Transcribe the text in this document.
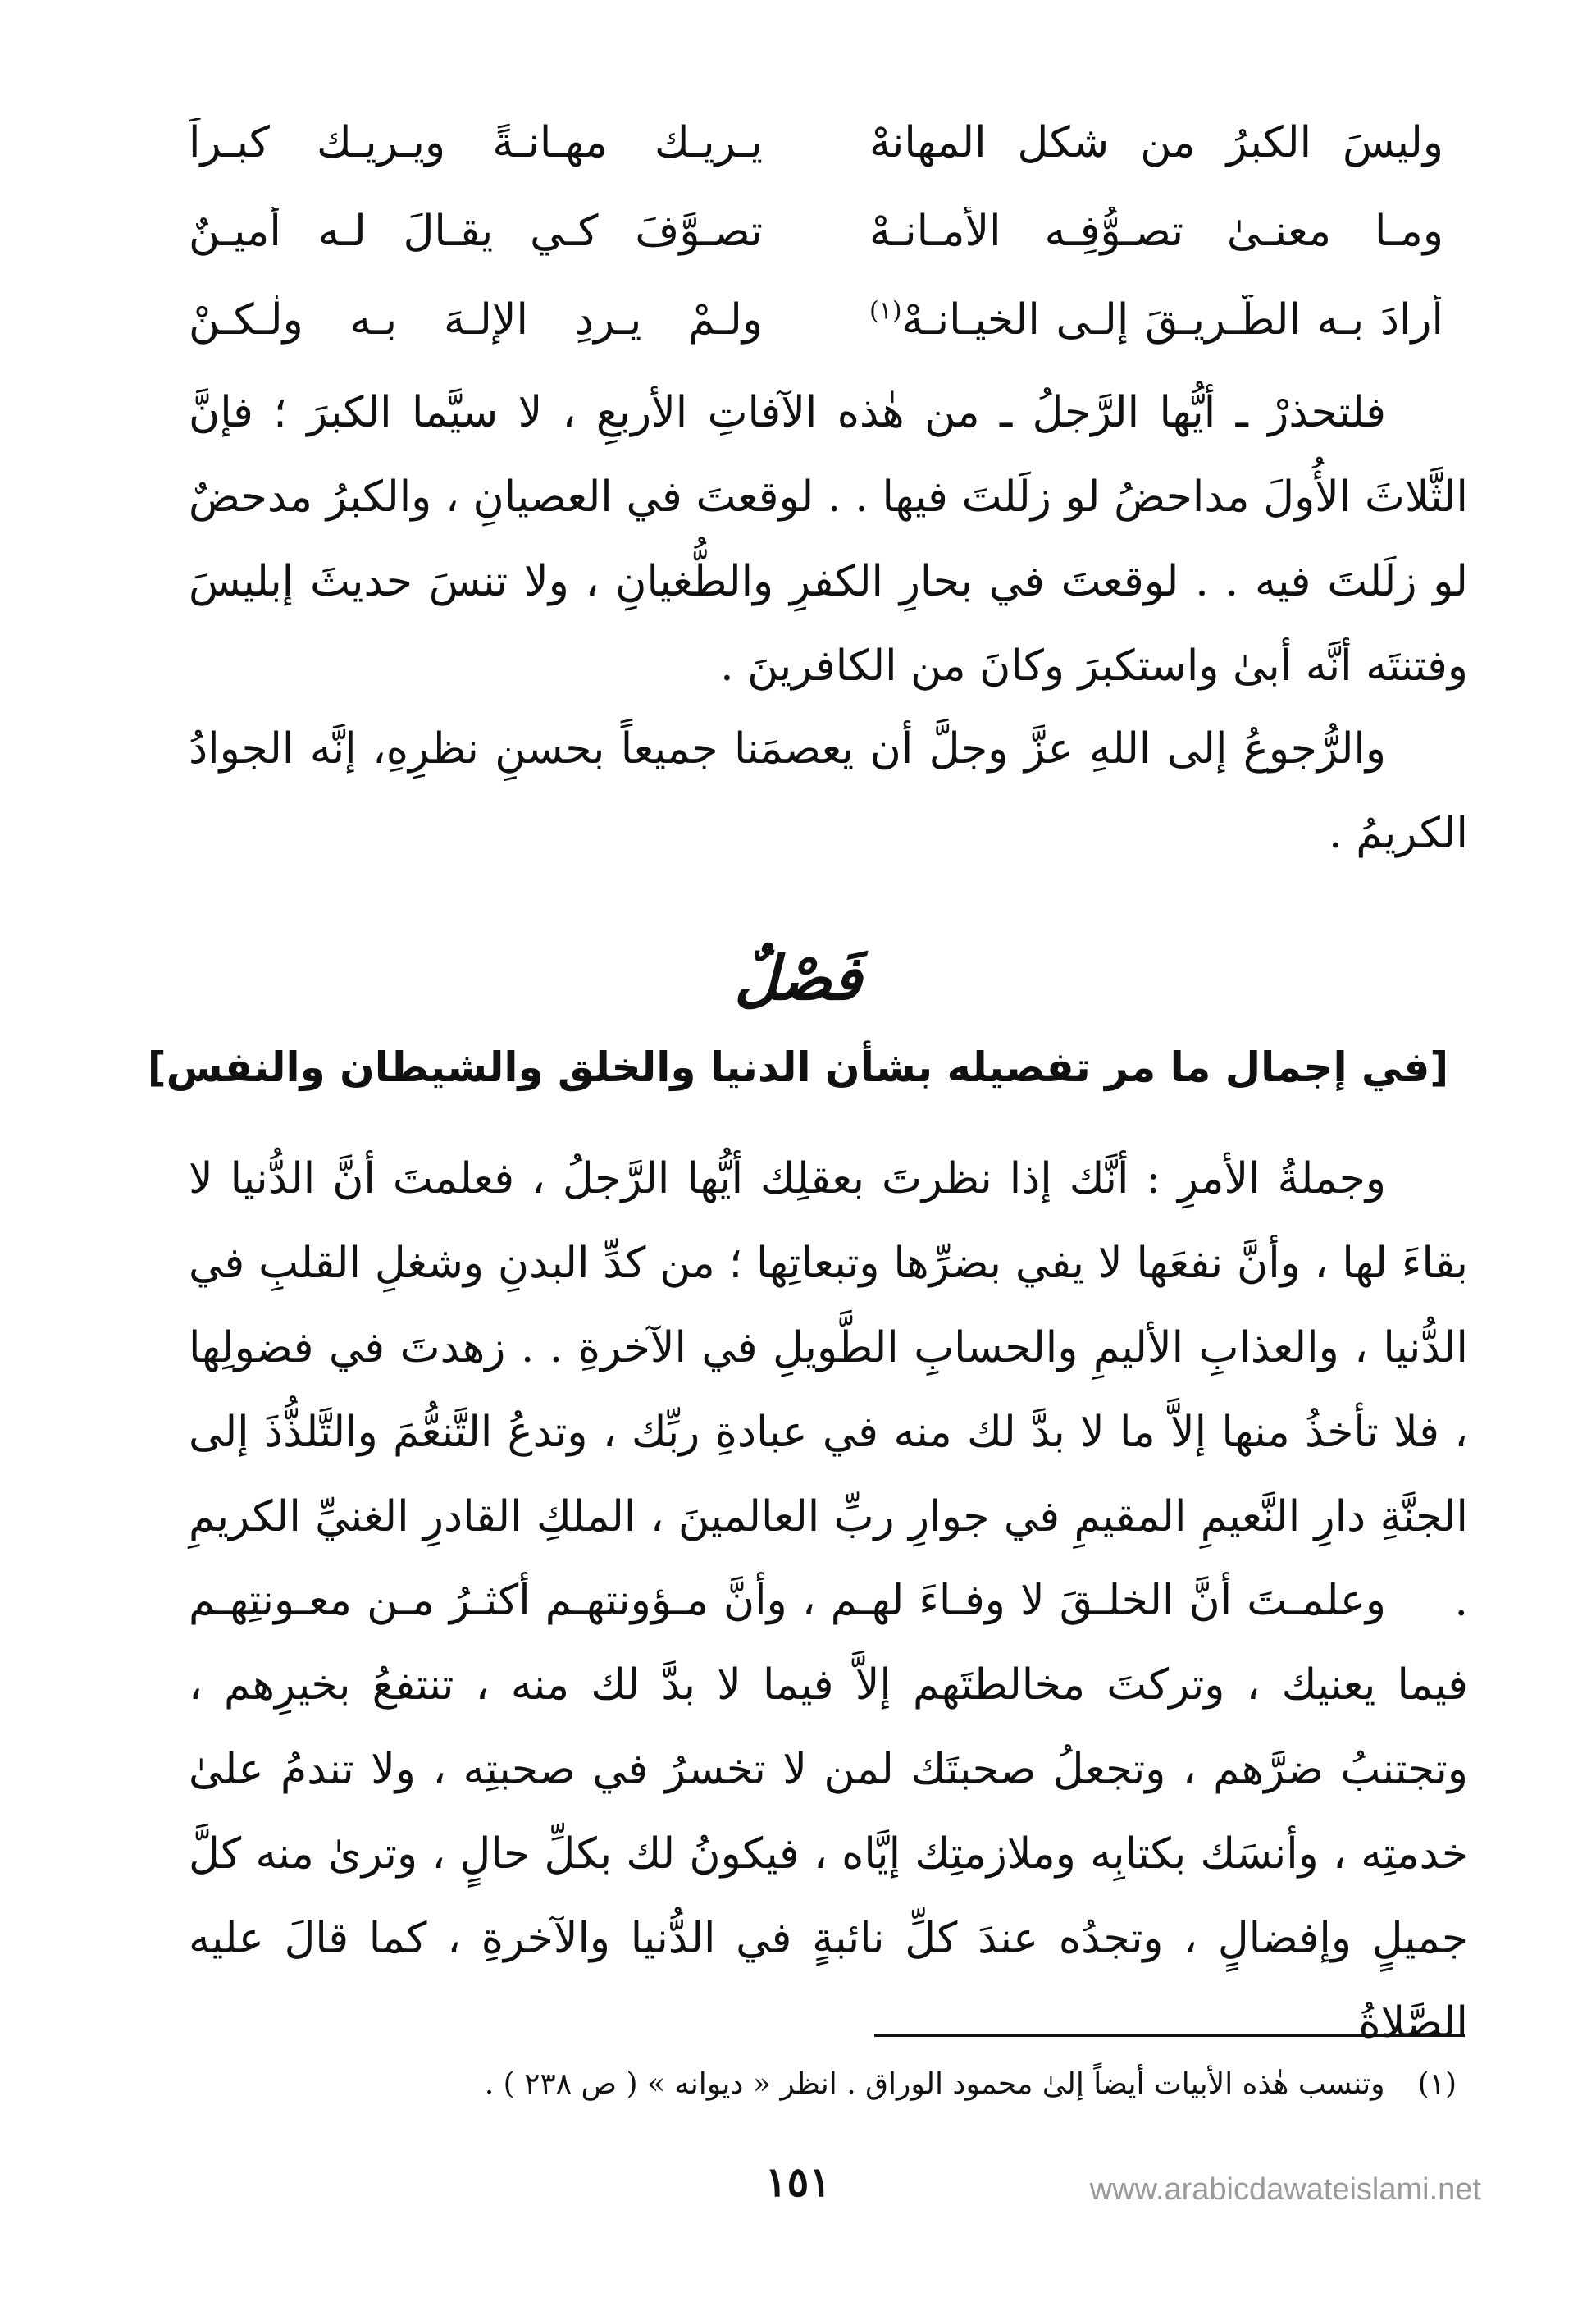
يـريـك مهـانـةً ويـريـك كبـراً	وليسَ الكبرُ من شكلِ المهانهْ
تصـوَّفَ كـي يقـالَ لـه أميـنٌ	ومـا معنـىٰ تصـوُّفِـه الأمـانـهْ
ولـمْ يـردِ الإلـهَ بـه ولٰـكـنْ	أرادَ بـه الطَّـريـقَ إلـى الخيـانـهْ$^{(١)}$

فلتحذرْ ـ أيُّها الرَّجلُ ـ من هٰذه الآفاتِ الأربعِ ، لا سيَّما الكبرَ ؛ فإنَّ الثَّلاثَ الأُولَ مداحضُ لو زلَلتَ فيها . . لوقعتَ في العصيانِ ، والكبرُ مدحضٌ لو زلَلتَ فيه . . لوقعتَ في بحارِ الكفرِ والطُّغيانِ ، ولا تنسَ حديثَ إبليسَ وفتنتَه أنَّه أبىٰ واستكبرَ وكانَ من الكافرينَ .

والرُّجوعُ إلى اللهِ عزَّ وجلَّ أن يعصمَنا جميعاً بحسنِ نظرِهِ، إنَّه الجوادُ الكريمُ .

فَصْلٌ
[في إجمال ما مر تفصيله بشأن الدنيا والخلق والشيطان والنفس]

وجملةُ الأمرِ : أنَّك إذا نظرتَ بعقلِك أيُّها الرَّجلُ ، فعلمتَ أنَّ الدُّنيا لا بقاءَ لها ، وأنَّ نفعَها لا يفي بضرِّها وتبعاتِها ؛ من كدِّ البدنِ وشغلِ القلبِ في الدُّنيا ، والعذابِ الأليمِ والحسابِ الطَّويلِ في الآخرةِ . . زهدتَ في فضولِها ، فلا تأخذُ منها إلاَّ ما لا بدَّ لك منه في عبادةِ ربِّك ، وتدعُ التَّنعُّمَ والتَّلذُّذَ إلى الجنَّةِ دارِ النَّعيمِ المقيمِ في جوارِ ربِّ العالمينَ ، الملكِ القادرِ الغنيِّ الكريمِ .

وعلمـتَ أنَّ الخلـقَ لا وفـاءَ لهـم ، وأنَّ مـؤونتهـم أكثـرُ مـن معـونتِهـم فيما يعنيك ، وتركتَ مخالطتَهم إلاَّ فيما لا بدَّ لك منه ، تنتفعُ بخيرِهم ، وتجتنبُ ضرَّهم ، وتجعلُ صحبتَك لمن لا تخسرُ في صحبتِه ، ولا تندمُ علىٰ خدمتِه ، وأنسَك بكتابِه وملازمتِك إيَّاه ، فيكونُ لك بكلِّ حالٍ ، وترىٰ منه كلَّ جميلٍ وإفضالٍ ، وتجدُه عندَ كلِّ نائبةٍ في الدُّنيا والآخرةِ ، كما قالَ عليه الصَّلاةُ

(١)وتنسب هٰذه الأبيات أيضاً إلىٰ محمود الوراق . انظر « ديوانه » ( ص ٢٣٨ ) .
١٥١	www.arabicdawateislami.net
